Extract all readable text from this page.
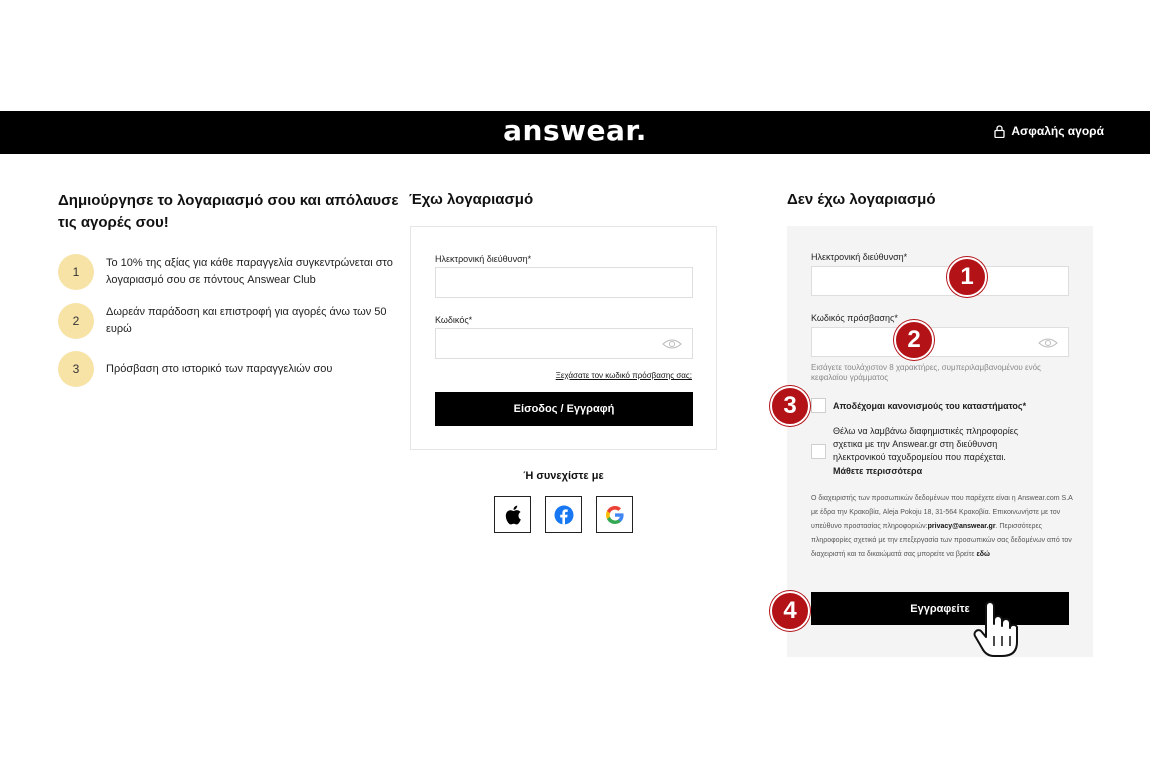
answear.	Ασφαλής αγορά
Δημιούργησε το λογαριασμό σου και απόλαυσε τις αγορές σου!
1
Το 10% της αξίας για κάθε παραγγελία συγκεντρώνεται στο λογαριασμό σου σε πόντους Answear Club
2
Δωρεάν παράδοση και επιστροφή για αγορές άνω των 50 ευρώ
3	Πρόσβαση στο ιστορικό των παραγγελιών σου
Έχω λογαριασμό
Ηλεκτρονική διεύθυνση*
Κωδικός*
Ξεχάσατε τον κωδικό πρόσβασης σας;
Είσοδος / Εγγραφή
Ή συνεχίστε με
Δεν έχω λογαριασμό
Ηλεκτρονική διεύθυνση*
Κωδικός πρόσβασης*
Εισάγετε τουλάχιστον 8 χαρακτήρες, συμπεριλαμβανομένου ενός κεφαλαίου γράμματος
Αποδέχομαι κανονισμούς του καταστήματος*
Θέλω να λαμβάνω διαφημιστικές πληροφορίες σχετικα με την Answear.gr στη διεύθυνση ηλεκτρονικού ταχυδρομείου που παρέχεται.
Μάθετε περισσότερα
Ο διαχειριστής των προσωπικών δεδομένων που παρέχετε είναι η Answear.com S.A με έδρα την Κρακοβία, Aleja Pokoju 18, 31-564 Κρακοβία. Επικοινωνήστε με τον υπεύθυνο προστασίας πληροφοριών:privacy@answear.gr. Περισσότερες πληροφορίες σχετικά με την επεξεργασία των προσωπικών σας δεδομένων από τον διαχειριστή και τα δικαιώματά σας μπορείτε να βρείτε εδώ
Εγγραφείτε
1
2
3
4
